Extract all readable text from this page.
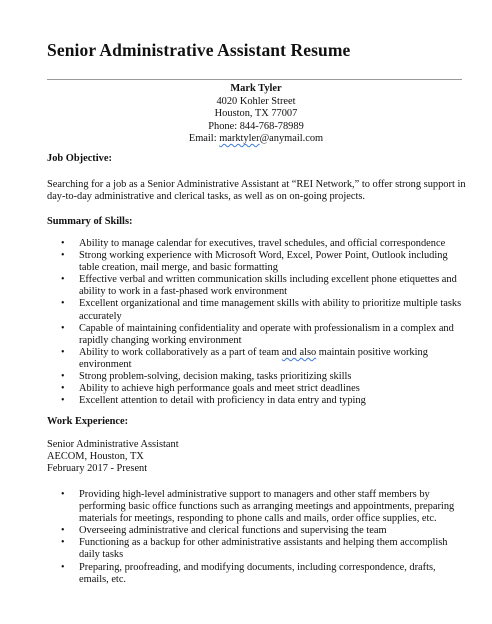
Senior Administrative Assistant Resume
Mark Tyler
4020 Kohler Street
Houston, TX 77007
Phone: 844-768-78989
Email: marktyler@anymail.com
Job Objective:
Searching for a job as a Senior Administrative Assistant at “REI Network,” to offer strong support in day-to-day administrative and clerical tasks, as well as on on-going projects.
Summary of Skills:
• Ability to manage calendar for executives, travel schedules, and official correspondence
• Strong working experience with Microsoft Word, Excel, Power Point, Outlook including table creation, mail merge, and basic formatting
• Effective verbal and written communication skills including excellent phone etiquettes and ability to work in a fast-phased work environment
• Excellent organizational and time management skills with ability to prioritize multiple tasks accurately
• Capable of maintaining confidentiality and operate with professionalism in a complex and rapidly changing working environment
• Ability to work collaboratively as a part of team and also maintain positive working environment
• Strong problem-solving, decision making, tasks prioritizing skills
• Ability to achieve high performance goals and meet strict deadlines
• Excellent attention to detail with proficiency in data entry and typing
Work Experience:
Senior Administrative Assistant
AECOM, Houston, TX
February 2017 - Present
• Providing high-level administrative support to managers and other staff members by performing basic office functions such as arranging meetings and appointments, preparing materials for meetings, responding to phone calls and mails, order office supplies, etc.
• Overseeing administrative and clerical functions and supervising the team
• Functioning as a backup for other administrative assistants and helping them accomplish daily tasks
• Preparing, proofreading, and modifying documents, including correspondence, drafts, emails, etc.
